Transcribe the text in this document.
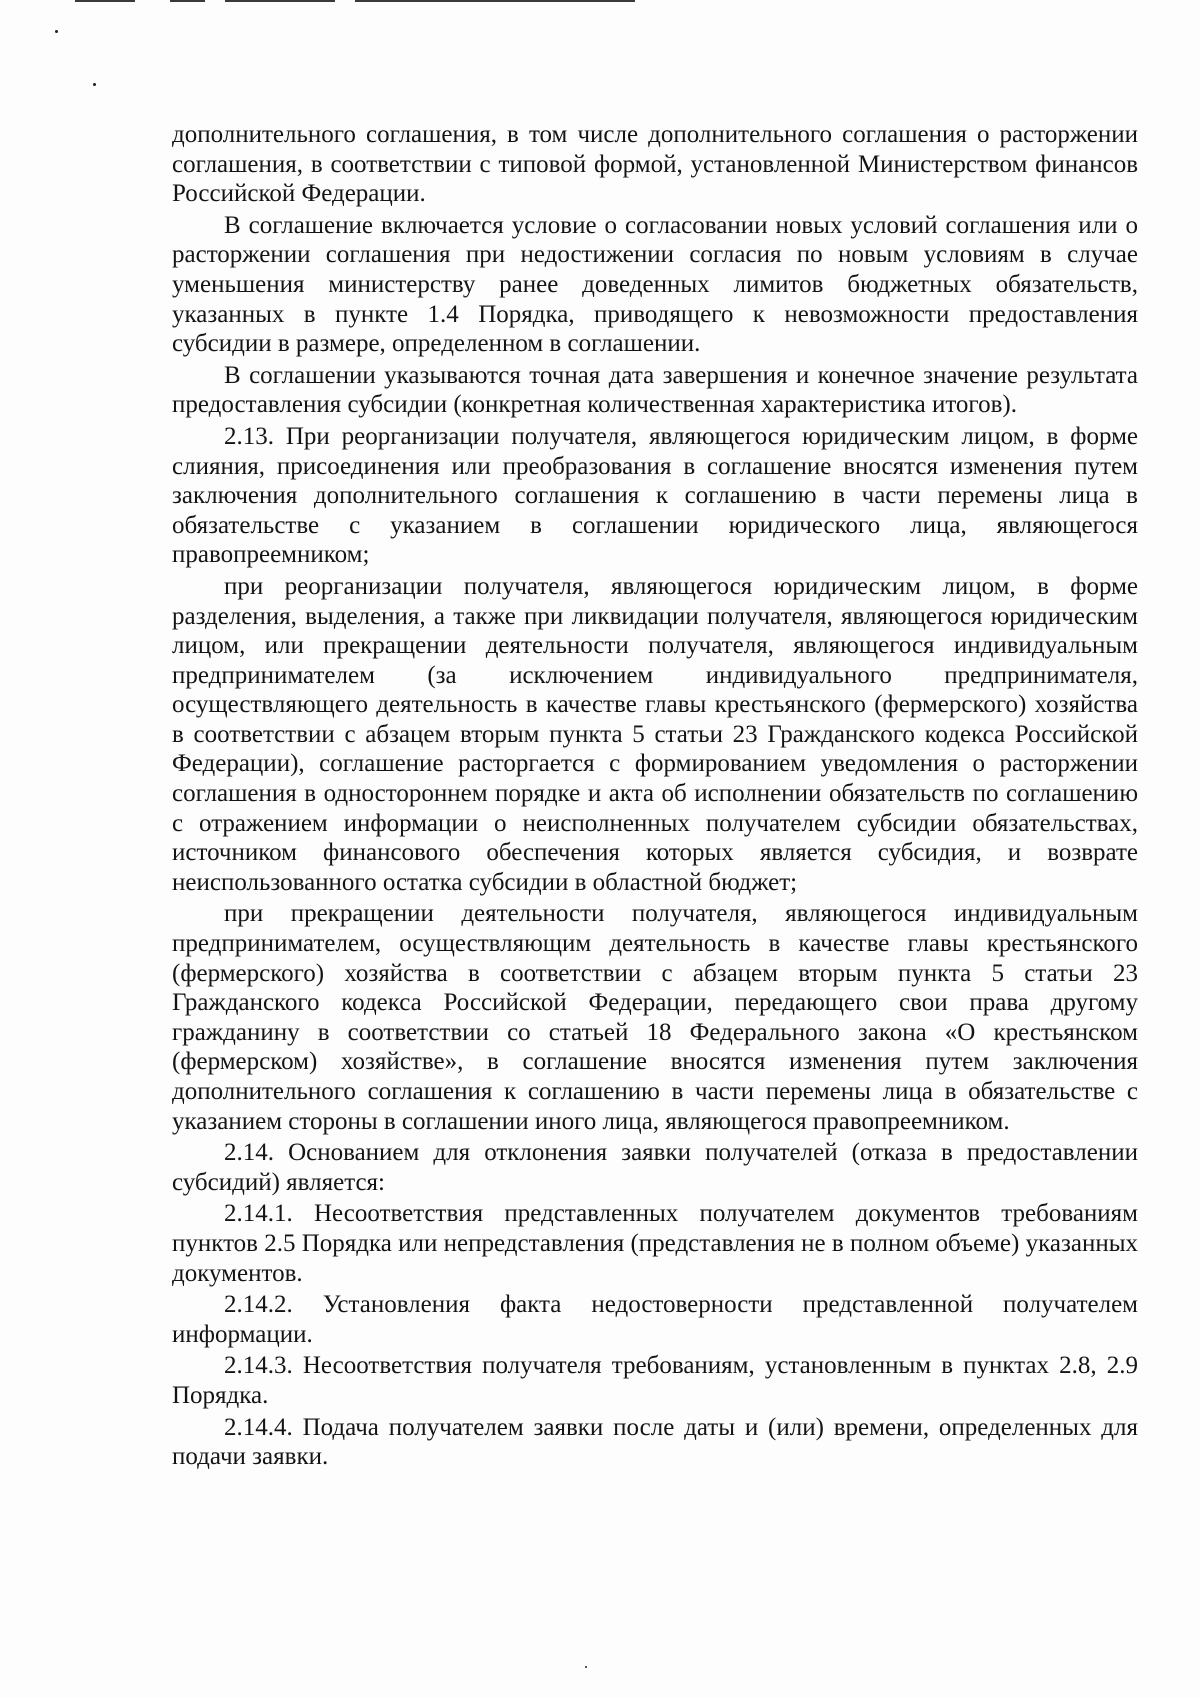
дополнительного соглашения, в том числе дополнительного соглашения о расторжении соглашения, в соответствии с типовой формой, установленной Министерством финансов Российской Федерации.

В соглашение включается условие о согласовании новых условий соглашения или о расторжении соглашения при недостижении согласия по новым условиям в случае уменьшения министерству ранее доведенных лимитов бюджетных обязательств, указанных в пункте 1.4 Порядка, приводящего к невозможности предоставления субсидии в размере, определенном в соглашении.

В соглашении указываются точная дата завершения и конечное значение результата предоставления субсидии (конкретная количественная характеристика итогов).

2.13. При реорганизации получателя, являющегося юридическим лицом, в форме слияния, присоединения или преобразования в соглашение вносятся изменения путем заключения дополнительного соглашения к соглашению в части перемены лица в обязательстве с указанием в соглашении юридического лица, являющегося правопреемником;

при реорганизации получателя, являющегося юридическим лицом, в форме разделения, выделения, а также при ликвидации получателя, являющегося юридическим лицом, или прекращении деятельности получателя, являющегося индивидуальным предпринимателем (за исключением индивидуального предпринимателя, осуществляющего деятельность в качестве главы крестьянского (фермерского) хозяйства в соответствии с абзацем вторым пункта 5 статьи 23 Гражданского кодекса Российской Федерации), соглашение расторгается с формированием уведомления о расторжении соглашения в одностороннем порядке и акта об исполнении обязательств по соглашению с отражением информации о неисполненных получателем субсидии обязательствах, источником финансового обеспечения которых является субсидия, и возврате неиспользованного остатка субсидии в областной бюджет;

при прекращении деятельности получателя, являющегося индивидуальным предпринимателем, осуществляющим деятельность в качестве главы крестьянского (фермерского) хозяйства в соответствии с абзацем вторым пункта 5 статьи 23 Гражданского кодекса Российской Федерации, передающего свои права другому гражданину в соответствии со статьей 18 Федерального закона «О крестьянском (фермерском) хозяйстве», в соглашение вносятся изменения путем заключения дополнительного соглашения к соглашению в части перемены лица в обязательстве с указанием стороны в соглашении иного лица, являющегося правопреемником.

2.14. Основанием для отклонения заявки получателей (отказа в предоставлении субсидий) является:

2.14.1. Несоответствия представленных получателем документов требованиям пунктов 2.5 Порядка или непредставления (представления не в полном объеме) указанных документов.

2.14.2. Установления факта недостоверности представленной получателем информации.

2.14.3. Несоответствия получателя требованиям, установленным в пунктах 2.8, 2.9 Порядка.

2.14.4. Подача получателем заявки после даты и (или) времени, определенных для подачи заявки.
